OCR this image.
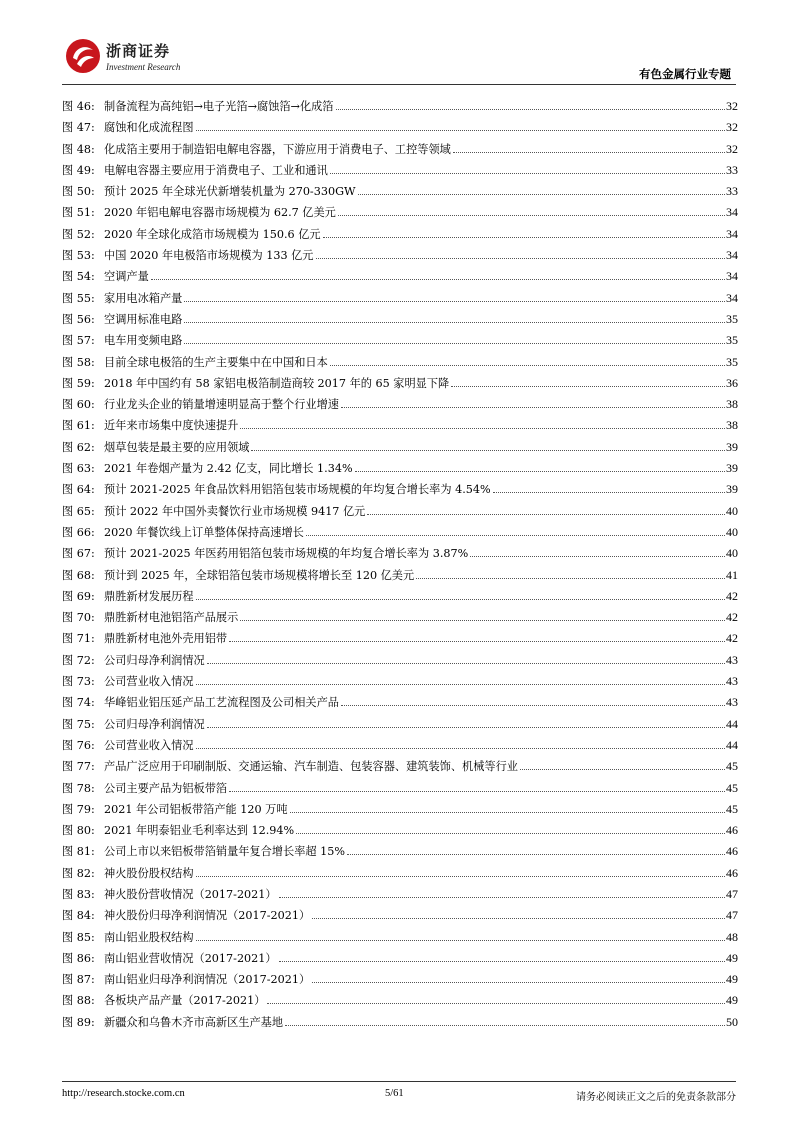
浙商证券
Investment Research	有色金属行业专题
图 46: 制备流程为高纯铝→电子光箔→腐蚀箔→化成箔	32
图 47: 腐蚀和化成流程图	32
图 48: 化成箔主要用于制造铝电解电容器，下游应用于消费电子、工控等领域	32
图 49: 电解电容器主要应用于消费电子、工业和通讯	33
图 50: 预计 2025 年全球光伏新增装机量为 270-330GW	33
图 51: 2020 年铝电解电容器市场规模为 62.7 亿美元	34
图 52: 2020 年全球化成箔市场规模为 150.6 亿元	34
图 53: 中国 2020 年电极箔市场规模为 133 亿元	34
图 54: 空调产量	34
图 55: 家用电冰箱产量	34
图 56: 空调用标准电路	35
图 57: 电车用变频电路	35
图 58: 目前全球电极箔的生产主要集中在中国和日本	35
图 59: 2018 年中国约有 58 家铝电极箔制造商较 2017 年的 65 家明显下降	36
图 60: 行业龙头企业的销量增速明显高于整个行业增速	38
图 61: 近年来市场集中度快速提升	38
图 62: 烟草包装是最主要的应用领域	39
图 63: 2021 年卷烟产量为 2.42 亿支，同比增长 1.34%	39
图 64: 预计 2021-2025 年食品饮料用铝箔包装市场规模的年均复合增长率为 4.54%	39
图 65: 预计 2022 年中国外卖餐饮行业市场规模 9417 亿元	40
图 66: 2020 年餐饮线上订单整体保持高速增长	40
图 67: 预计 2021-2025 年医药用铝箔包装市场规模的年均复合增长率为 3.87%	40
图 68: 预计到 2025 年，全球铝箔包装市场规模将增长至 120 亿美元	41
图 69: 鼎胜新材发展历程	42
图 70: 鼎胜新材电池铝箔产品展示	42
图 71: 鼎胜新材电池外壳用铝带	42
图 72: 公司归母净利润情况	43
图 73: 公司营业收入情况	43
图 74: 华峰铝业铝压延产品工艺流程图及公司相关产品	43
图 75: 公司归母净利润情况	44
图 76: 公司营业收入情况	44
图 77: 产品广泛应用于印刷制版、交通运输、汽车制造、包装容器、建筑装饰、机械等行业	45
图 78: 公司主要产品为铝板带箔	45
图 79: 2021 年公司铝板带箔产能 120 万吨	45
图 80: 2021 年明泰铝业毛利率达到 12.94%	46
图 81: 公司上市以来铝板带箔销量年复合增长率超 15%	46
图 82: 神火股份股权结构	46
图 83: 神火股份营收情况（2017-2021）	47
图 84: 神火股份归母净利润情况（2017-2021）	47
图 85: 南山铝业股权结构	48
图 86: 南山铝业营收情况（2017-2021）	49
图 87: 南山铝业归母净利润情况（2017-2021）	49
图 88: 各板块产品产量（2017-2021）	49
图 89: 新疆众和乌鲁木齐市高新区生产基地	50
http://research.stocke.com.cn	5/61	请务必阅读正文之后的免责条款部分
